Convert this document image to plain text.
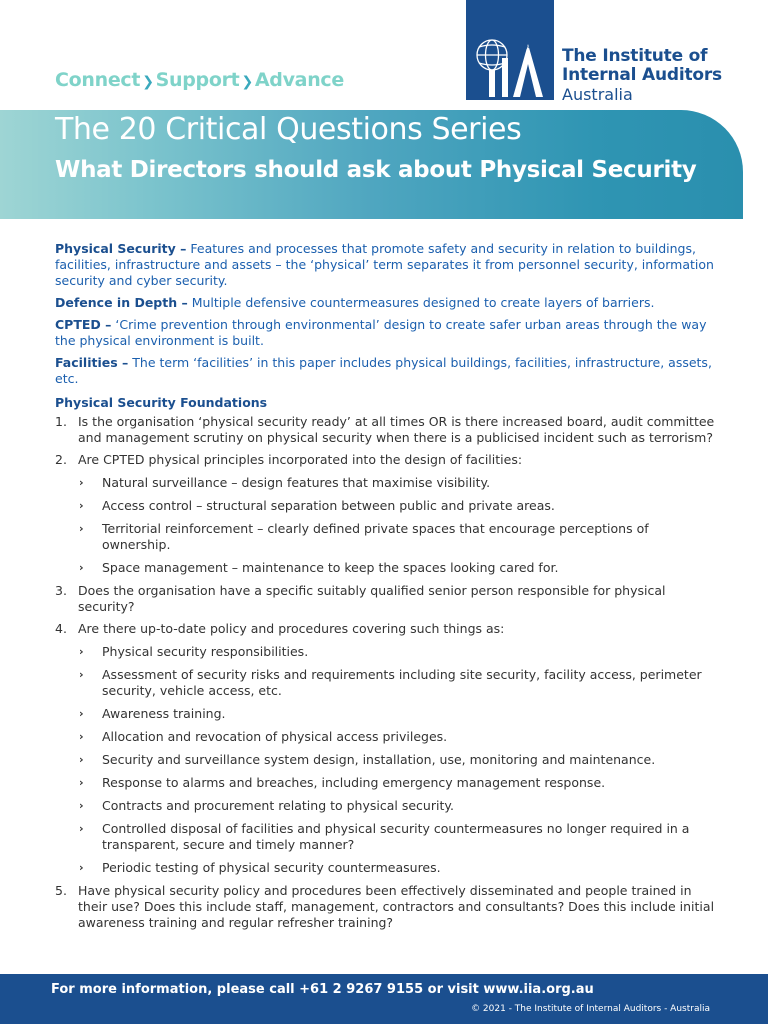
Connect ❯ Support ❯ Advance
IIA
TM The Institute of
Internal Auditors
Australia
The 20 Critical Questions Series
What Directors should ask about Physical Security
Physical Security – Features and processes that promote safety and security in relation to buildings, facilities, infrastructure and assets – the ‘physical’ term separates it from personnel security, information security and cyber security.
Defence in Depth – Multiple defensive countermeasures designed to create layers of barriers.
CPTED – ‘Crime prevention through environmental’ design to create safer urban areas through the way the physical environment is built.
Facilities – The term ‘facilities’ in this paper includes physical buildings, facilities, infrastructure, assets, etc.
Physical Security Foundations
1. Is the organisation ‘physical security ready’ at all times OR is there increased board, audit committee and management scrutiny on physical security when there is a publicised incident such as terrorism?
2. Are CPTED physical principles incorporated into the design of facilities:
› Natural surveillance – design features that maximise visibility.
› Access control – structural separation between public and private areas.
› Territorial reinforcement – clearly defined private spaces that encourage perceptions of ownership.
› Space management – maintenance to keep the spaces looking cared for.
3. Does the organisation have a specific suitably qualified senior person responsible for physical security?
4. Are there up-to-date policy and procedures covering such things as:
› Physical security responsibilities.
› Assessment of security risks and requirements including site security, facility access, perimeter security, vehicle access, etc.
› Awareness training.
› Allocation and revocation of physical access privileges.
› Security and surveillance system design, installation, use, monitoring and maintenance.
› Response to alarms and breaches, including emergency management response.
› Contracts and procurement relating to physical security.
› Controlled disposal of facilities and physical security countermeasures no longer required in a transparent, secure and timely manner?
› Periodic testing of physical security countermeasures.
5. Have physical security policy and procedures been effectively disseminated and people trained in their use? Does this include staff, management, contractors and consultants? Does this include initial awareness training and regular refresher training?
For more information, please call +61 2 9267 9155 or visit www.iia.org.au
© 2021 - The Institute of Internal Auditors - Australia
